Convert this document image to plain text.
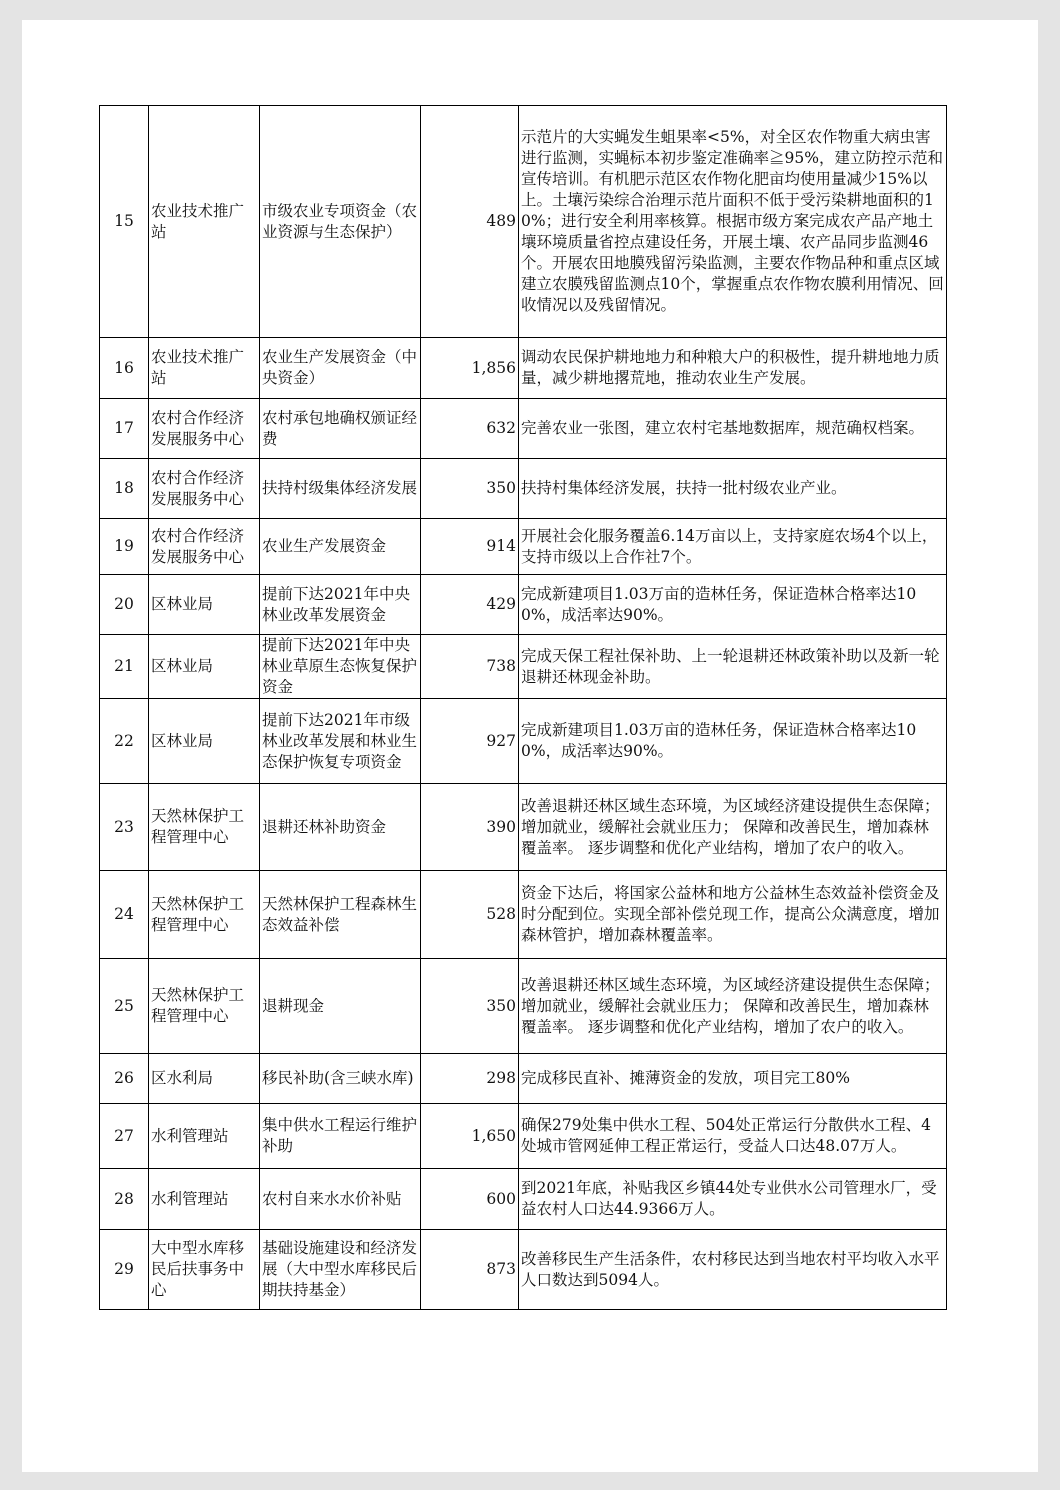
15	农业技术推广站	市级农业专项资金（农业资源与生态保护）	489	示范片的大实蝇发生蛆果率<5%，对全区农作物重大病虫害进行监测，实蝇标本初步鉴定准确率≧95%，建立防控示范和宣传培训。有机肥示范区农作物化肥亩均使用量减少15%以上。土壤污染综合治理示范片面积不低于受污染耕地面积的10%；进行安全利用率核算。根据市级方案完成农产品产地土壤环境质量省控点建设任务，开展土壤、农产品同步监测46个。开展农田地膜残留污染监测，主要农作物品种和重点区域建立农膜残留监测点10个，掌握重点农作物农膜利用情况、回收情况以及残留情况。
16	农业技术推广站	农业生产发展资金（中央资金）	1,856	调动农民保护耕地地力和种粮大户的积极性，提升耕地地力质量，减少耕地撂荒地，推动农业生产发展。
17	农村合作经济发展服务中心	农村承包地确权颁证经费	632	完善农业一张图，建立农村宅基地数据库，规范确权档案。
18	农村合作经济发展服务中心	扶持村级集体经济发展	350	扶持村集体经济发展，扶持一批村级农业产业。
19	农村合作经济发展服务中心	农业生产发展资金	914	开展社会化服务覆盖6.14万亩以上，支持家庭农场4个以上，支持市级以上合作社7个。
20	区林业局	提前下达2021年中央林业改革发展资金	429	完成新建项目1.03万亩的造林任务，保证造林合格率达100%，成活率达90%。
21	区林业局	提前下达2021年中央林业草原生态恢复保护资金	738	完成天保工程社保补助、上一轮退耕还林政策补助以及新一轮退耕还林现金补助。
22	区林业局	提前下达2021年市级林业改革发展和林业生态保护恢复专项资金	927	完成新建项目1.03万亩的造林任务，保证造林合格率达100%，成活率达90%。
23	天然林保护工程管理中心	退耕还林补助资金	390	改善退耕还林区域生态环境，为区域经济建设提供生态保障；增加就业，缓解社会就业压力； 保障和改善民生，增加森林覆盖率。 逐步调整和优化产业结构，增加了农户的收入。
24	天然林保护工程管理中心	天然林保护工程森林生态效益补偿	528	资金下达后，将国家公益林和地方公益林生态效益补偿资金及时分配到位。实现全部补偿兑现工作，提高公众满意度，增加森林管护，增加森林覆盖率。
25	天然林保护工程管理中心	退耕现金	350	改善退耕还林区域生态环境，为区域经济建设提供生态保障；增加就业，缓解社会就业压力； 保障和改善民生，增加森林覆盖率。 逐步调整和优化产业结构，增加了农户的收入。
26	区水利局	移民补助(含三峡水库)	298	完成移民直补、摊薄资金的发放，项目完工80%
27	水利管理站	集中供水工程运行维护补助	1,650	确保279处集中供水工程、504处正常运行分散供水工程、4处城市管网延伸工程正常运行，受益人口达48.07万人。
28	水利管理站	农村自来水水价补贴	600	到2021年底，补贴我区乡镇44处专业供水公司管理水厂，受益农村人口达44.9366万人。
29	大中型水库移民后扶事务中心	基础设施建设和经济发展（大中型水库移民后期扶持基金）	873	改善移民生产生活条件，农村移民达到当地农村平均收入水平人口数达到5094人。
